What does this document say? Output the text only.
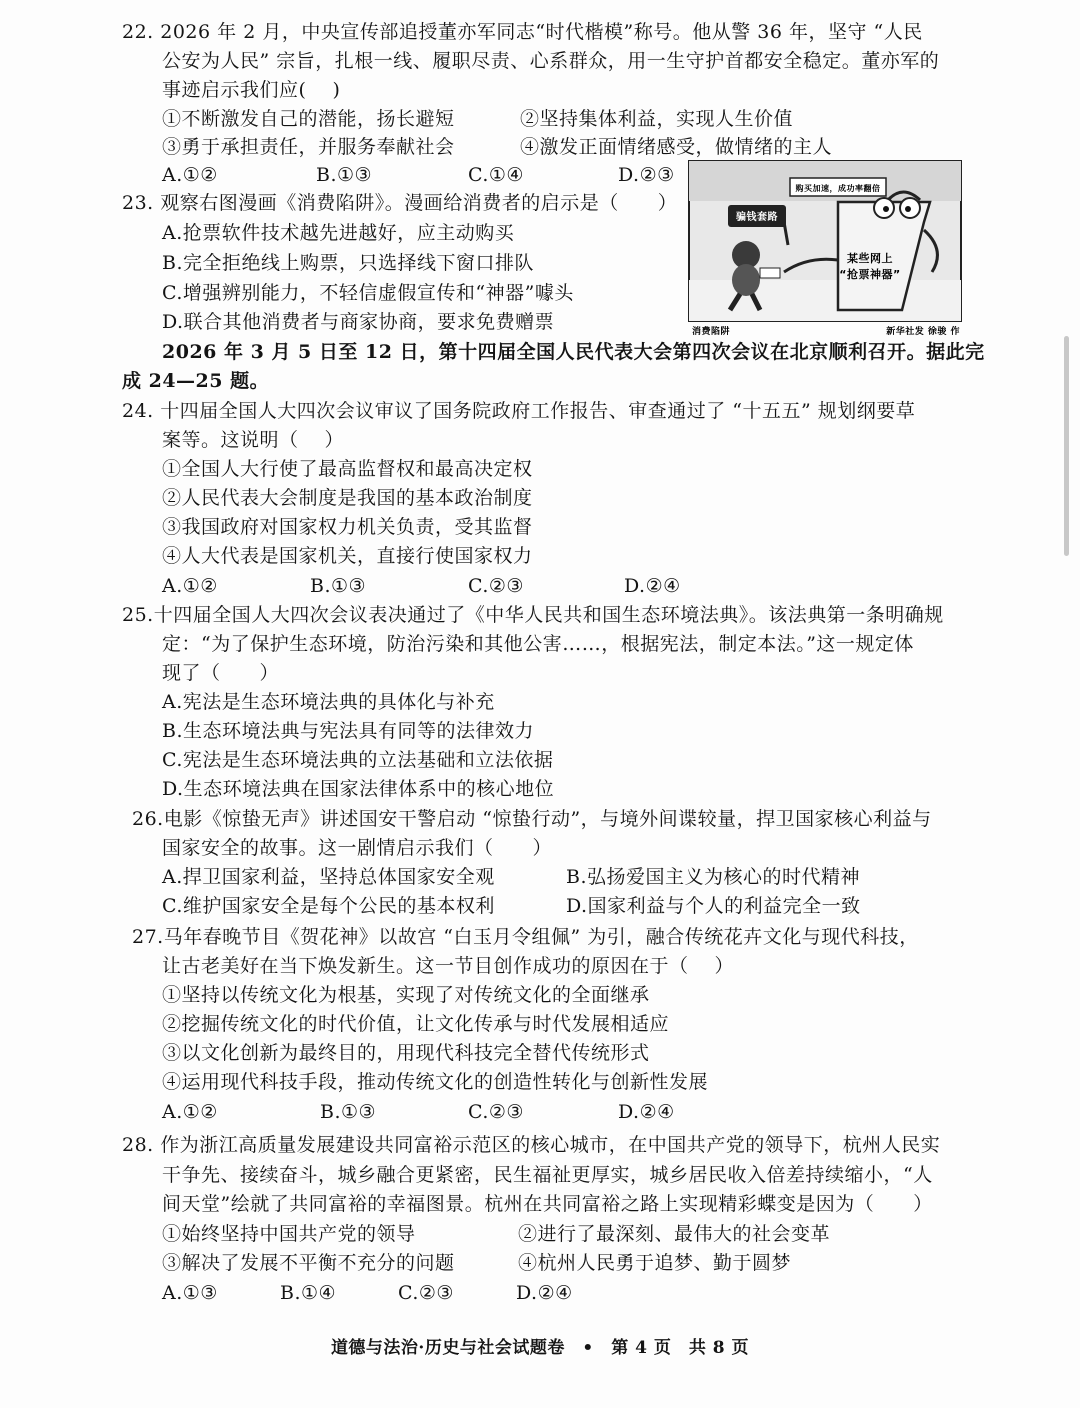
22. 2026 年 2 月，中央宣传部追授董亦军同志“时代楷模”称号。他从警 36 年，坚守 “人民
公安为人民” 宗旨，扎根一线、履职尽责、心系群众，用一生守护首都安全稳定。董亦军的
事迹启示我们应(　 )
①不断激发自己的潜能，扬长避短	②坚持集体利益，实现人生价值
③勇于承担责任，并服务奉献社会	④激发正面情绪感受，做情绪的主人
A.①②	B.①③	C.①④	D.②③
23. 观察右图漫画《消费陷阱》。漫画给消费者的启示是（　　）
A.抢票软件技术越先进越好，应主动购买
B.完全拒绝线上购票，只选择线下窗口排队
C.增强辨别能力，不轻信虚假宣传和“神器”噱头
D.联合其他消费者与商家协商，要求免费赠票
购买加速，成功率翻倍
骗钱套路
某些网上
“抢票神器”
消费陷阱	新华社发 徐骏 作
2026 年 3 月 5 日至 12 日，第十四届全国人民代表大会第四次会议在北京顺利召开。据此完
成 24—25 题。
24. 十四届全国人大四次会议审议了国务院政府工作报告、审查通过了 “十五五” 规划纲要草
案等。这说明（　 ）
①全国人大行使了最高监督权和最高决定权
②人民代表大会制度是我国的基本政治制度
③我国政府对国家权力机关负责，受其监督
④人大代表是国家机关，直接行使国家权力
A.①②	B.①③	C.②③	D.②④
25.十四届全国人大四次会议表决通过了《中华人民共和国生态环境法典》。该法典第一条明确规
定：“为了保护生态环境，防治污染和其他公害……，根据宪法，制定本法。”这一规定体
现了（　　）
A.宪法是生态环境法典的具体化与补充
B.生态环境法典与宪法具有同等的法律效力
C.宪法是生态环境法典的立法基础和立法依据
D.生态环境法典在国家法律体系中的核心地位
26.电影《惊蛰无声》讲述国安干警启动 “惊蛰行动”，与境外间谍较量，捍卫国家核心利益与
国家安全的故事。这一剧情启示我们（　　）
A.捍卫国家利益，坚持总体国家安全观	B.弘扬爱国主义为核心的时代精神
C.维护国家安全是每个公民的基本权利	D.国家利益与个人的利益完全一致
27.马年春晚节目《贺花神》以故宫 “白玉月令组佩” 为引，融合传统花卉文化与现代科技，
让古老美好在当下焕发新生。这一节目创作成功的原因在于（　 ）
①坚持以传统文化为根基，实现了对传统文化的全面继承
②挖掘传统文化的时代价值，让文化传承与时代发展相适应
③以文化创新为最终目的，用现代科技完全替代传统形式
④运用现代科技手段，推动传统文化的创造性转化与创新性发展
A.①②	B.①③	C.②③	D.②④
28. 作为浙江高质量发展建设共同富裕示范区的核心城市，在中国共产党的领导下，杭州人民实
干争先、接续奋斗，城乡融合更紧密，民生福祉更厚实，城乡居民收入倍差持续缩小，“人
间天堂”绘就了共同富裕的幸福图景。杭州在共同富裕之路上实现精彩蝶变是因为（　　）
①始终坚持中国共产党的领导	②进行了最深刻、最伟大的社会变革
③解决了发展不平衡不充分的问题	④杭州人民勇于追梦、勤于圆梦
A.①③	B.①④	C.②③	D.②④
道德与法治·历史与社会试题卷　•　第 4 页　共 8 页
